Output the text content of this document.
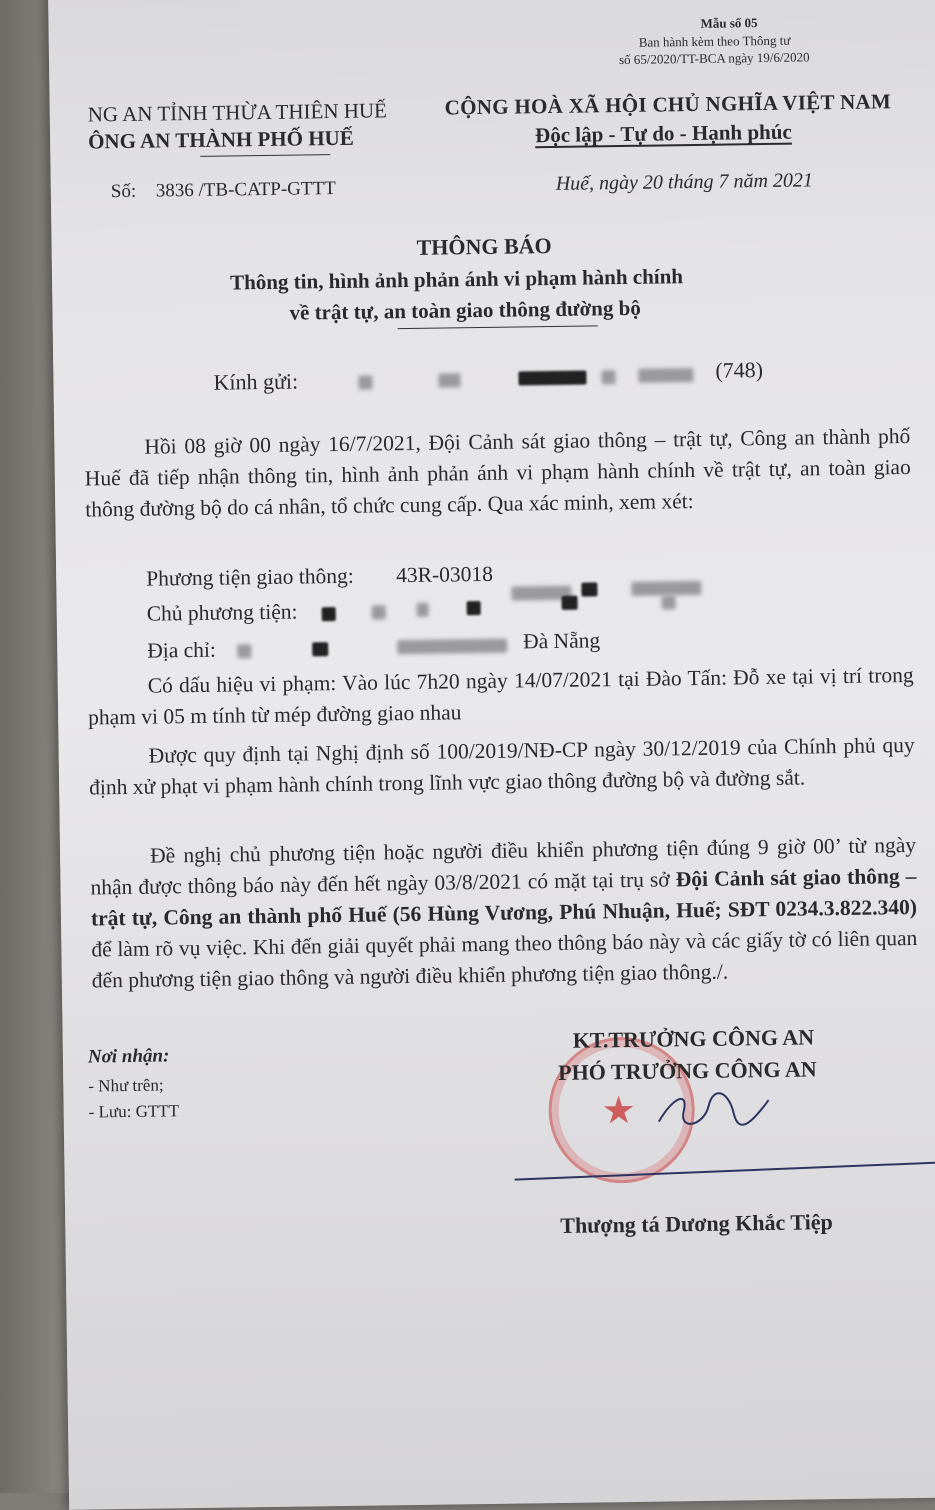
Mẫu số 05
Ban hành kèm theo Thông tư
số 65/2020/TT-BCA ngày 19/6/2020
NG AN TỈNH THỪA THIÊN HUẾ
ÔNG AN THÀNH PHỐ HUẾ
CỘNG HOÀ XÃ HỘI CHỦ NGHĨA VIỆT NAM
Độc lập - Tự do - Hạnh phúc
Số: 3836 /TB-CATP-GTTT	Huế, ngày 20 tháng 7 năm 2021
THÔNG BÁO
Thông tin, hình ảnh phản ánh vi phạm hành chính
về trật tự, an toàn giao thông đường bộ
Kính gửi:	(748)
Hồi 08 giờ 00 ngày 16/7/2021, Đội Cảnh sát giao thông – trật tự, Công an thành phố Huế đã tiếp nhận thông tin, hình ảnh phản ánh vi phạm hành chính về trật tự, an toàn giao thông đường bộ do cá nhân, tổ chức cung cấp. Qua xác minh, xem xét:
Phương tiện giao thông: 43R-03018
Chủ phương tiện:
Địa chỉ:	Đà Nẵng
Có dấu hiệu vi phạm: Vào lúc 7h20 ngày 14/07/2021 tại Đào Tấn: Đỗ xe tại vị trí trong phạm vi 05 m tính từ mép đường giao nhau
Được quy định tại Nghị định số 100/2019/NĐ-CP ngày 30/12/2019 của Chính phủ quy định xử phạt vi phạm hành chính trong lĩnh vực giao thông đường bộ và đường sắt.
Đề nghị chủ phương tiện hoặc người điều khiển phương tiện đúng 9 giờ 00’ từ ngày nhận được thông báo này đến hết ngày 03/8/2021 có mặt tại trụ sở Đội Cảnh sát giao thông – trật tự, Công an thành phố Huế (56 Hùng Vương, Phú Nhuận, Huế; SĐT 0234.3.822.340) để làm rõ vụ việc. Khi đến giải quyết phải mang theo thông báo này và các giấy tờ có liên quan đến phương tiện giao thông và người điều khiển phương tiện giao thông./.
Nơi nhận:
- Như trên;
- Lưu: GTTT	★
KT.TRƯỞNG CÔNG AN
PHÓ TRƯỞNG CÔNG AN
Thượng tá Dương Khắc Tiệp
